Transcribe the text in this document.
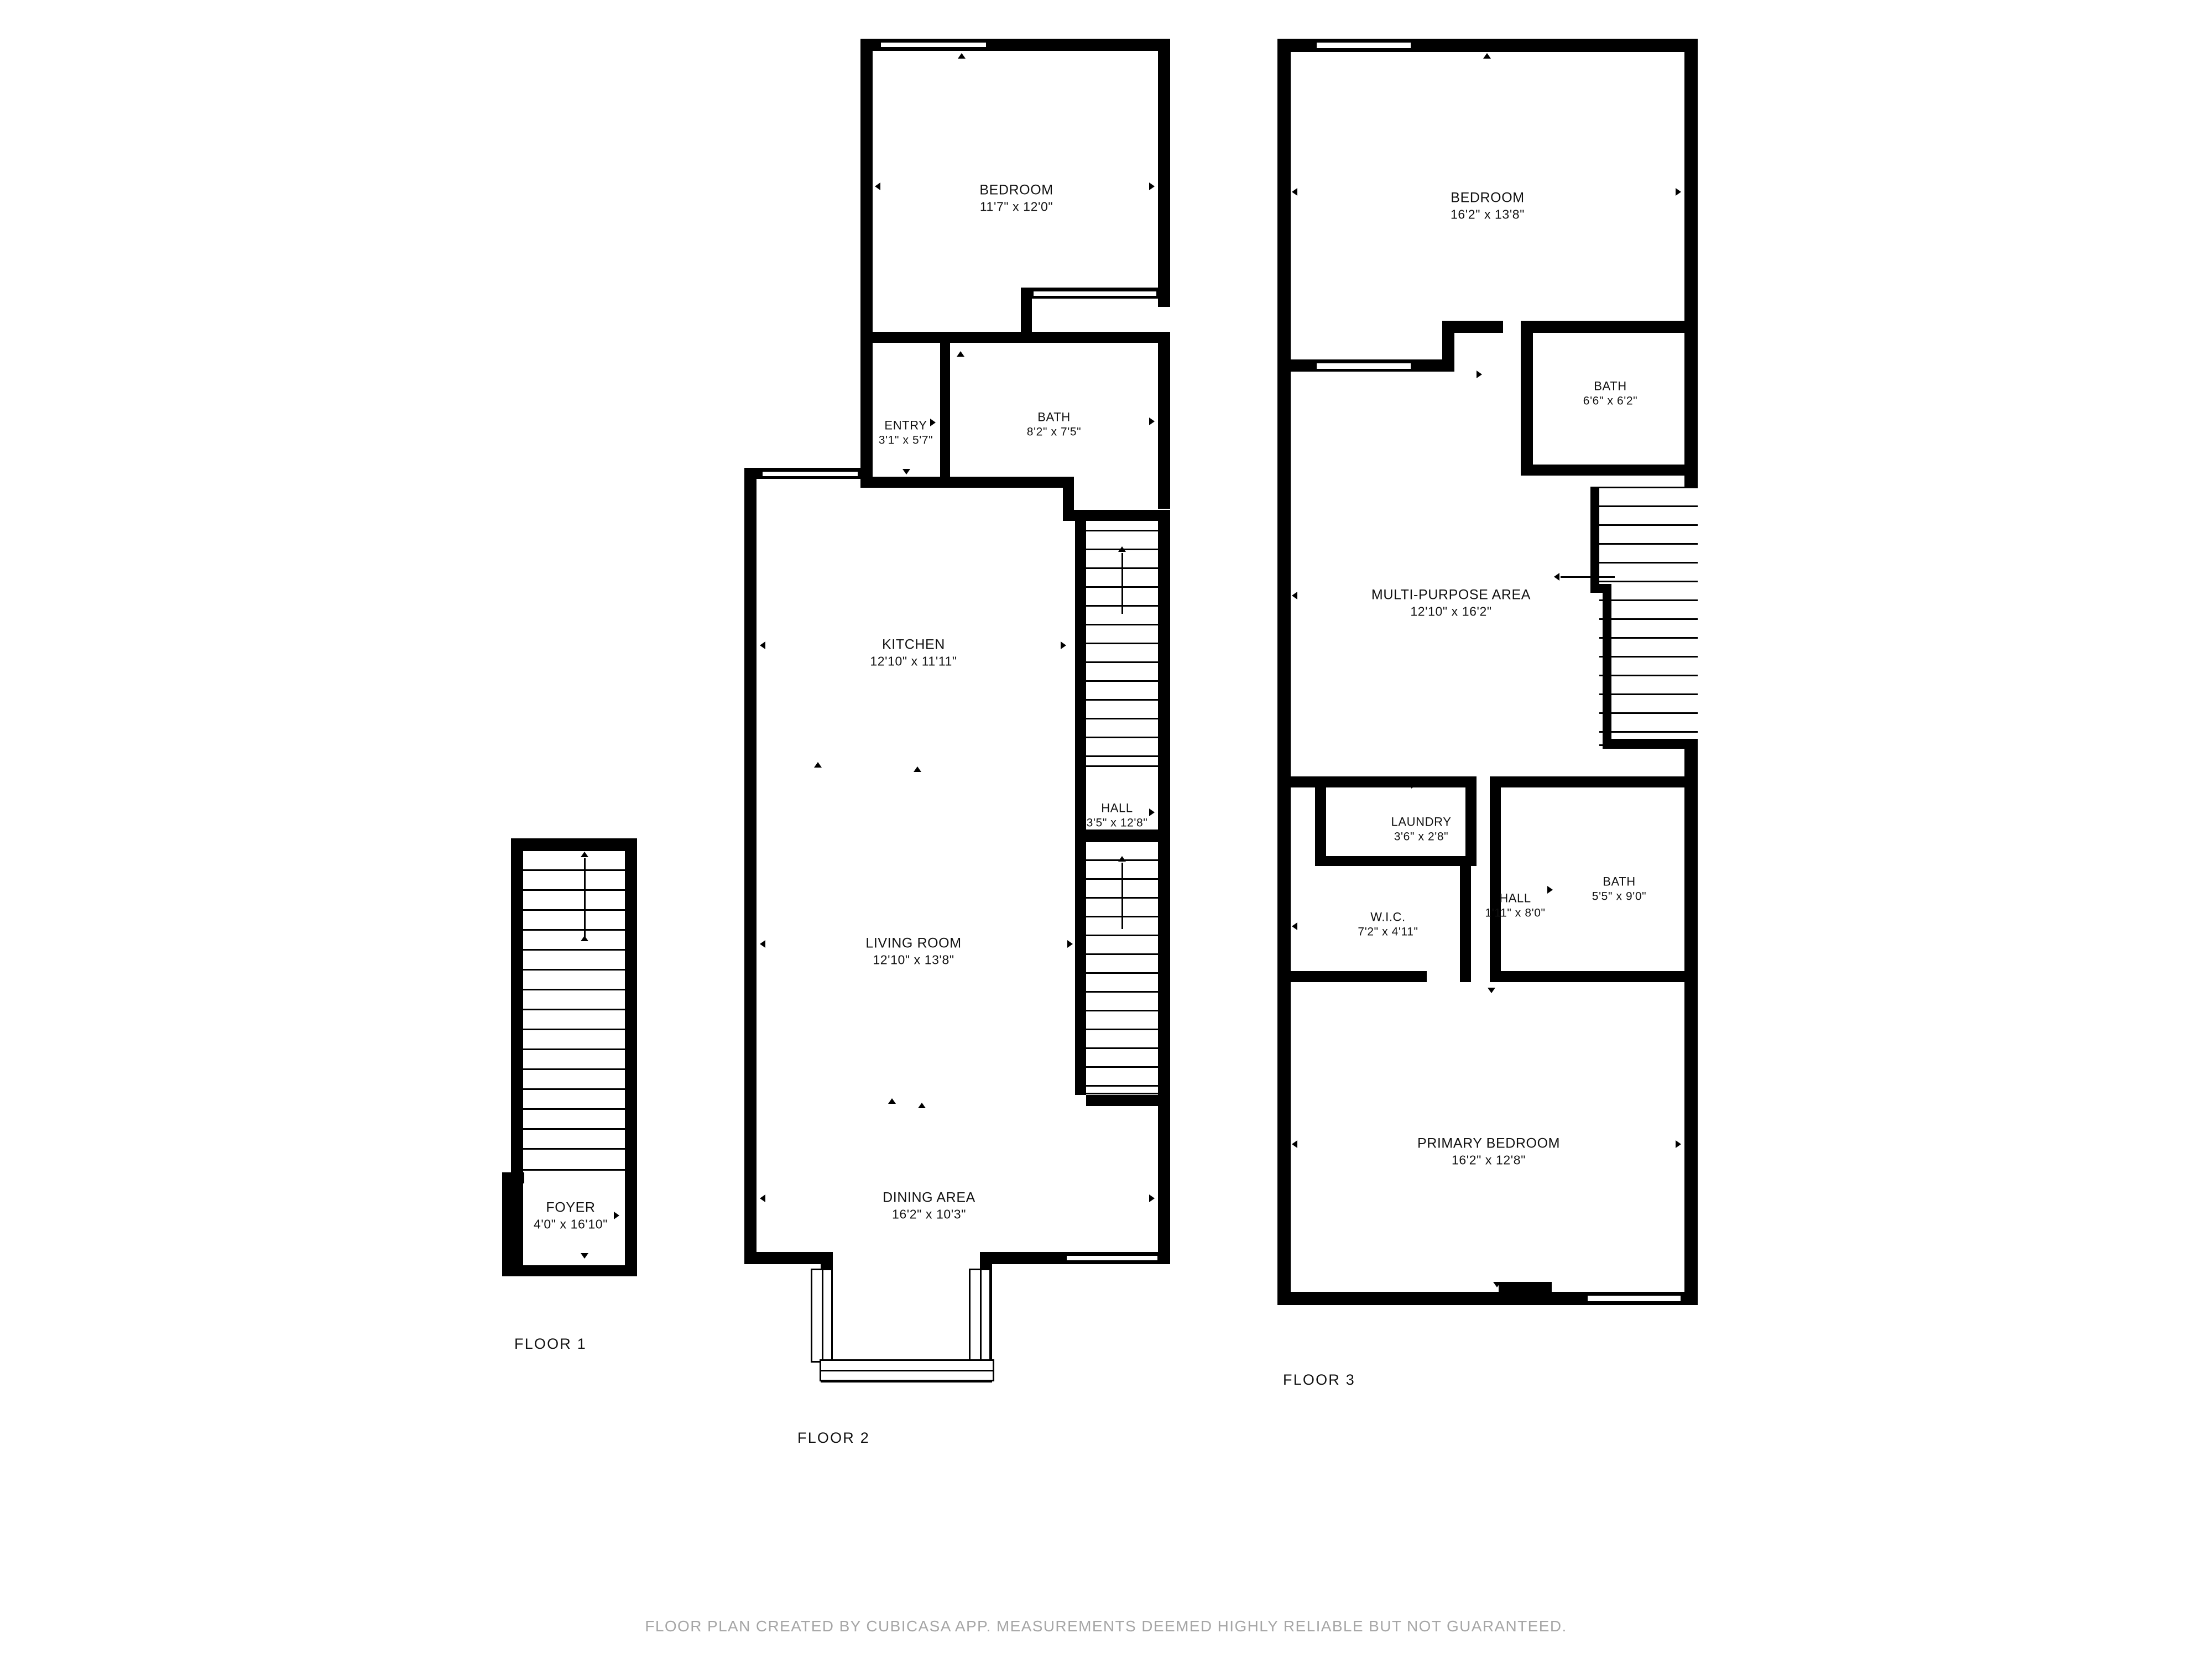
FOYER
4'0" x 16'10"
FLOOR 1
BEDROOM
11'7" x 12'0"
BATH
8'2" x 7'5"
ENTRY
3'1" x 5'7"
KITCHEN
12'10" x 11'11"
HALL
3'5" x 12'8"
LIVING ROOM
12'10" x 13'8"
DINING AREA
16'2" x 10'3"
FLOOR 2
BEDROOM
16'2" x 13'8"
BATH
6'6" x 6'2"
MULTI-PURPOSE AREA
12'10" x 16'2"
LAUNDRY
3'6" x 2'8"
BATH
5'5" x 9'0"
HALL
1'11" x 8'0"
W.I.C.
7'2" x 4'11"
PRIMARY BEDROOM
16'2" x 12'8"
FLOOR 3
FLOOR PLAN CREATED BY CUBICASA APP. MEASUREMENTS DEEMED HIGHLY RELIABLE BUT NOT GUARANTEED.
